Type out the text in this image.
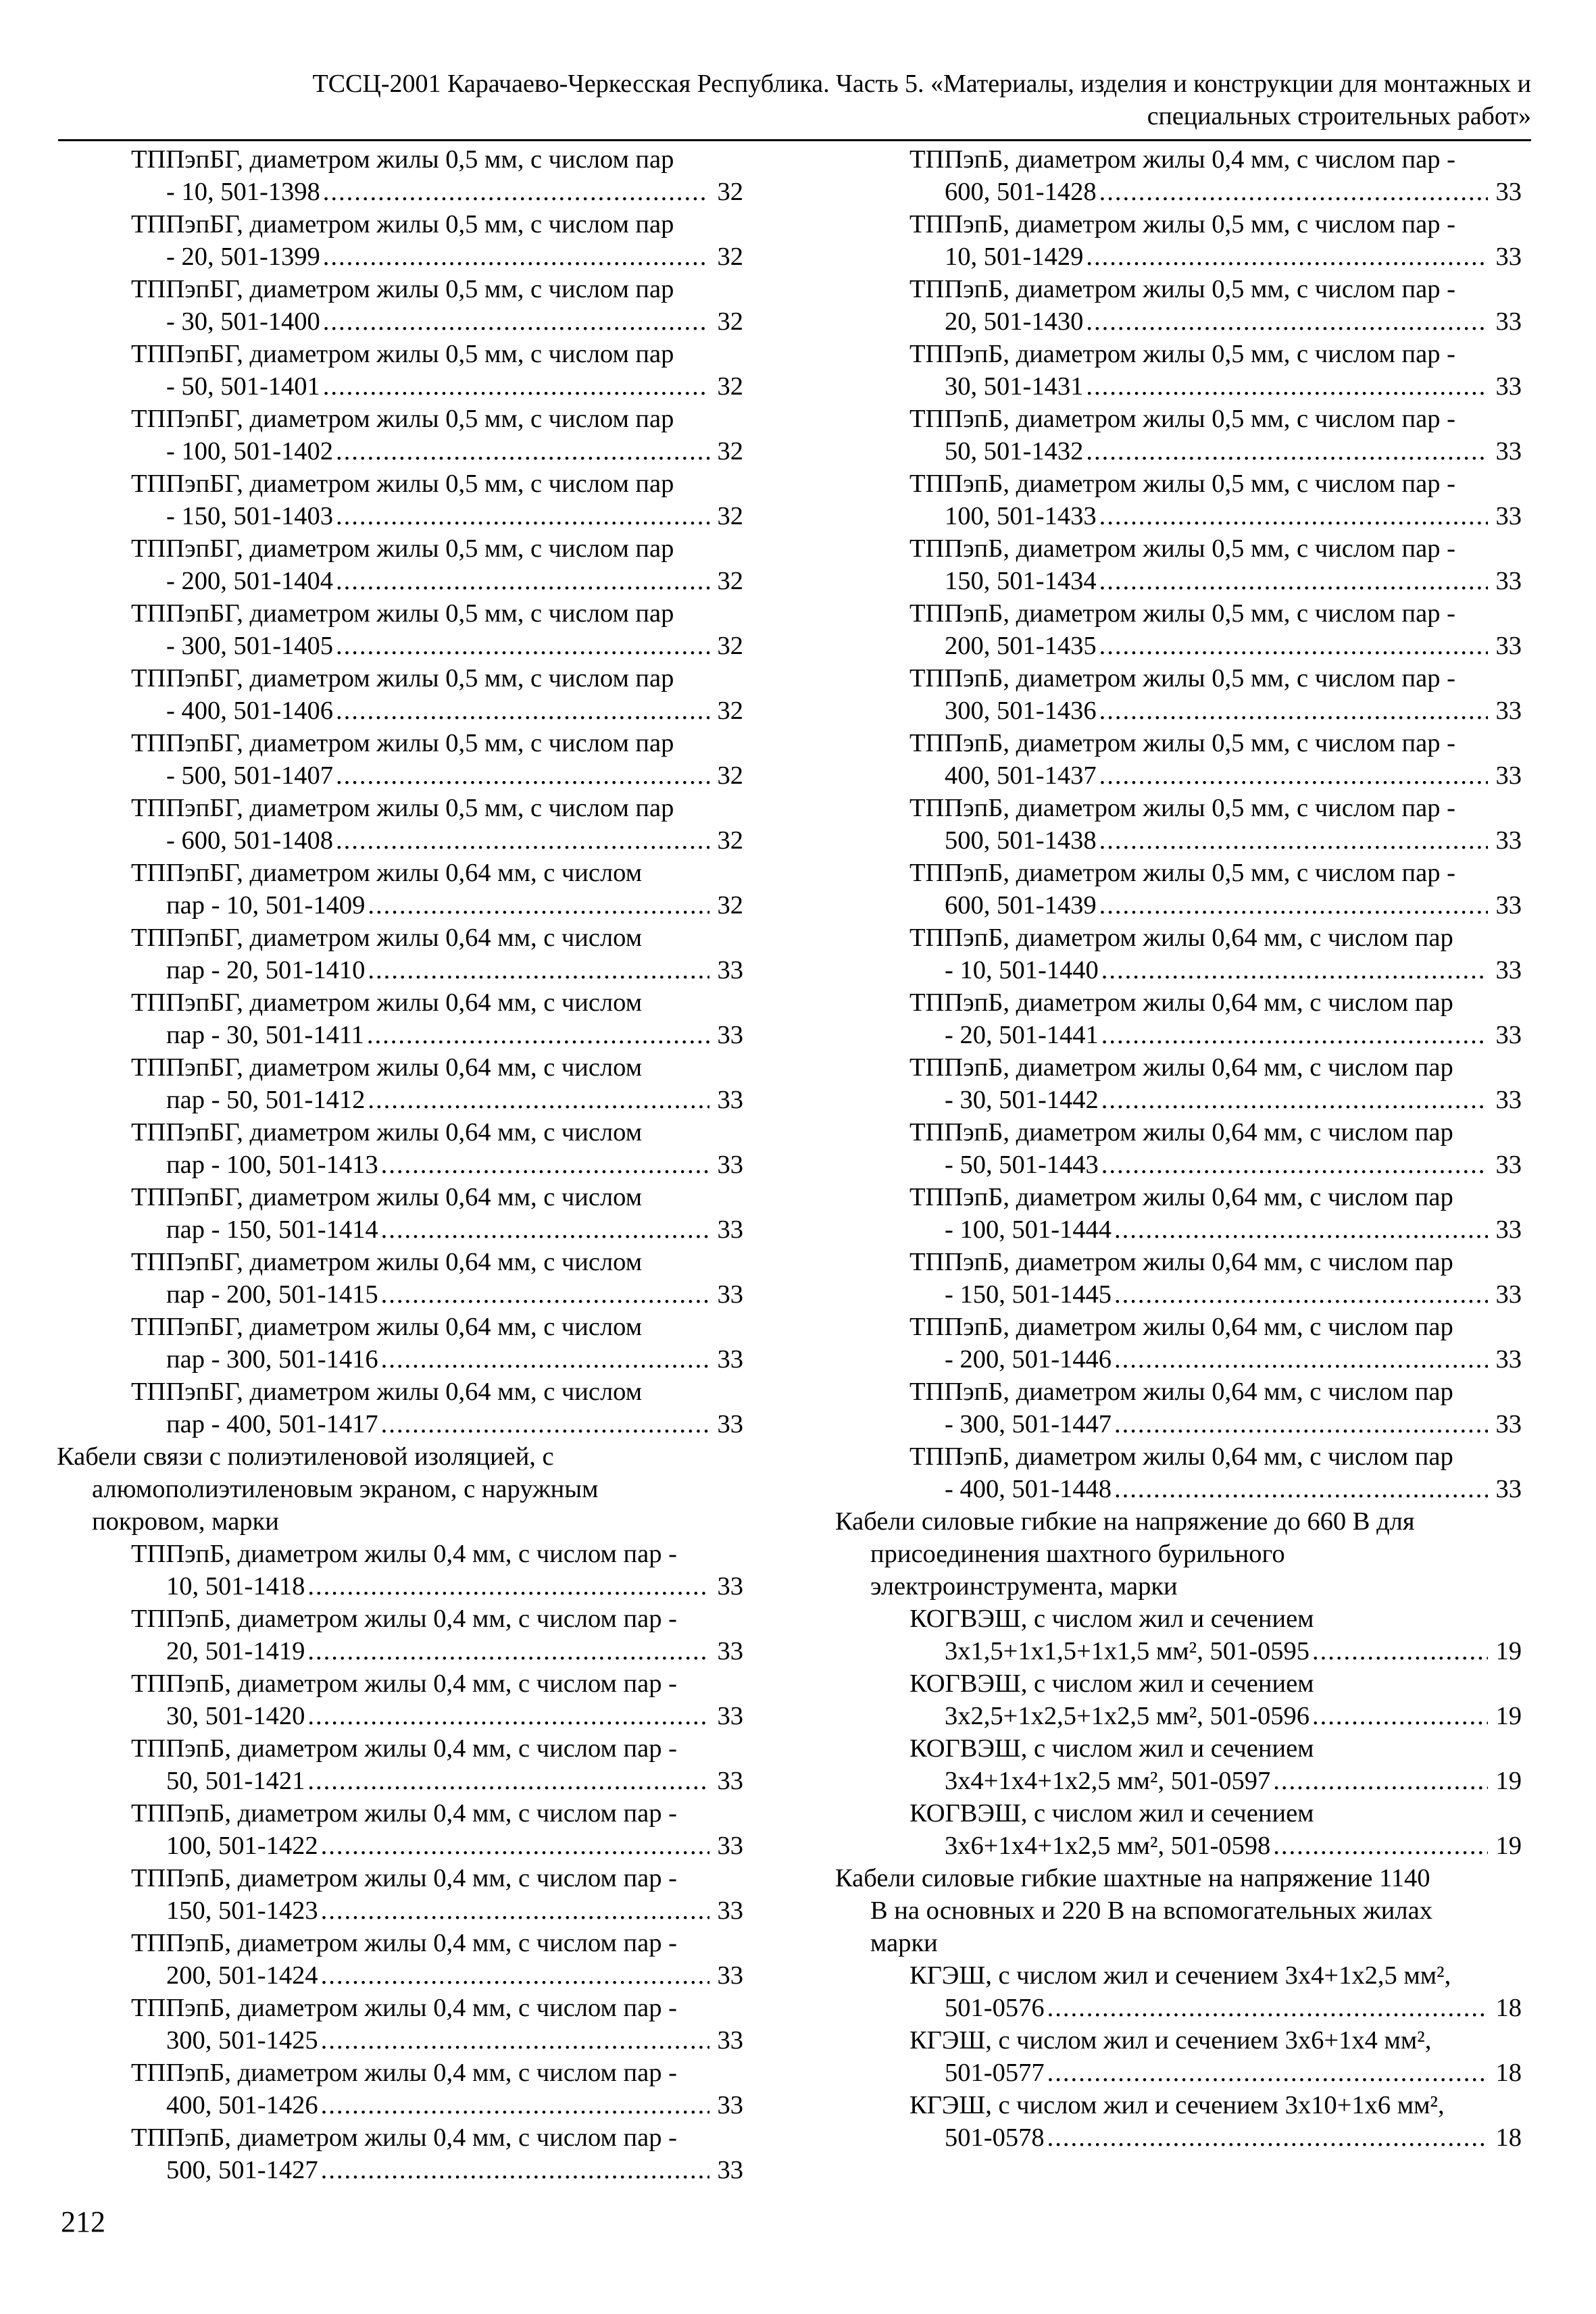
ТССЦ-2001 Карачаево-Черкесская Республика. Часть 5. «Материалы, изделия и конструкции для монтажных и
специальных строительных работ»
ТППэпБГ, диаметром жилы 0,5 мм, с числом пар
- 10, 501-1398 .....	32
ТППэпБГ, диаметром жилы 0,5 мм, с числом пар
- 20, 501-1399 .....	32
ТППэпБГ, диаметром жилы 0,5 мм, с числом пар
- 30, 501-1400 .....	32
ТППэпБГ, диаметром жилы 0,5 мм, с числом пар
- 50, 501-1401 .....	32
ТППэпБГ, диаметром жилы 0,5 мм, с числом пар
- 100, 501-1402 .....	32
ТППэпБГ, диаметром жилы 0,5 мм, с числом пар
- 150, 501-1403 .....	32
ТППэпБГ, диаметром жилы 0,5 мм, с числом пар
- 200, 501-1404 .....	32
ТППэпБГ, диаметром жилы 0,5 мм, с числом пар
- 300, 501-1405 .....	32
ТППэпБГ, диаметром жилы 0,5 мм, с числом пар
- 400, 501-1406 .....	32
ТППэпБГ, диаметром жилы 0,5 мм, с числом пар
- 500, 501-1407 .....	32
ТППэпБГ, диаметром жилы 0,5 мм, с числом пар
- 600, 501-1408 .....	32
ТППэпБГ, диаметром жилы 0,64 мм, с числом
пар - 10, 501-1409 .....	32
ТППэпБГ, диаметром жилы 0,64 мм, с числом
пар - 20, 501-1410 .....	33
ТППэпБГ, диаметром жилы 0,64 мм, с числом
пар - 30, 501-1411 .....	33
ТППэпБГ, диаметром жилы 0,64 мм, с числом
пар - 50, 501-1412 .....	33
ТППэпБГ, диаметром жилы 0,64 мм, с числом
пар - 100, 501-1413 .....	33
ТППэпБГ, диаметром жилы 0,64 мм, с числом
пар - 150, 501-1414 .....	33
ТППэпБГ, диаметром жилы 0,64 мм, с числом
пар - 200, 501-1415 .....	33
ТППэпБГ, диаметром жилы 0,64 мм, с числом
пар - 300, 501-1416 .....	33
ТППэпБГ, диаметром жилы 0,64 мм, с числом
пар - 400, 501-1417 .....	33
Кабели связи с полиэтиленовой изоляцией, с
алюмополиэтиленовым экраном, с наружным
покровом, марки
ТППэпБ, диаметром жилы 0,4 мм, с числом пар -
10, 501-1418 .....	33
ТППэпБ, диаметром жилы 0,4 мм, с числом пар -
20, 501-1419 .....	33
ТППэпБ, диаметром жилы 0,4 мм, с числом пар -
30, 501-1420 .....	33
ТППэпБ, диаметром жилы 0,4 мм, с числом пар -
50, 501-1421 .....	33
ТППэпБ, диаметром жилы 0,4 мм, с числом пар -
100, 501-1422 .....	33
ТППэпБ, диаметром жилы 0,4 мм, с числом пар -
150, 501-1423 .....	33
ТППэпБ, диаметром жилы 0,4 мм, с числом пар -
200, 501-1424 .....	33
ТППэпБ, диаметром жилы 0,4 мм, с числом пар -
300, 501-1425 .....	33
ТППэпБ, диаметром жилы 0,4 мм, с числом пар -
400, 501-1426 .....	33
ТППэпБ, диаметром жилы 0,4 мм, с числом пар -
500, 501-1427 .....	33
ТППэпБ, диаметром жилы 0,4 мм, с числом пар -
600, 501-1428 .....	33
ТППэпБ, диаметром жилы 0,5 мм, с числом пар -
10, 501-1429 .....	33
ТППэпБ, диаметром жилы 0,5 мм, с числом пар -
20, 501-1430 .....	33
ТППэпБ, диаметром жилы 0,5 мм, с числом пар -
30, 501-1431 .....	33
ТППэпБ, диаметром жилы 0,5 мм, с числом пар -
50, 501-1432 .....	33
ТППэпБ, диаметром жилы 0,5 мм, с числом пар -
100, 501-1433 .....	33
ТППэпБ, диаметром жилы 0,5 мм, с числом пар -
150, 501-1434 .....	33
ТППэпБ, диаметром жилы 0,5 мм, с числом пар -
200, 501-1435 .....	33
ТППэпБ, диаметром жилы 0,5 мм, с числом пар -
300, 501-1436 .....	33
ТППэпБ, диаметром жилы 0,5 мм, с числом пар -
400, 501-1437 .....	33
ТППэпБ, диаметром жилы 0,5 мм, с числом пар -
500, 501-1438 .....	33
ТППэпБ, диаметром жилы 0,5 мм, с числом пар -
600, 501-1439 .....	33
ТППэпБ, диаметром жилы 0,64 мм, с числом пар
- 10, 501-1440 .....	33
ТППэпБ, диаметром жилы 0,64 мм, с числом пар
- 20, 501-1441 .....	33
ТППэпБ, диаметром жилы 0,64 мм, с числом пар
- 30, 501-1442 .....	33
ТППэпБ, диаметром жилы 0,64 мм, с числом пар
- 50, 501-1443 .....	33
ТППэпБ, диаметром жилы 0,64 мм, с числом пар
- 100, 501-1444 .....	33
ТППэпБ, диаметром жилы 0,64 мм, с числом пар
- 150, 501-1445 .....	33
ТППэпБ, диаметром жилы 0,64 мм, с числом пар
- 200, 501-1446 .....	33
ТППэпБ, диаметром жилы 0,64 мм, с числом пар
- 300, 501-1447 .....	33
ТППэпБ, диаметром жилы 0,64 мм, с числом пар
- 400, 501-1448 .....	33
Кабели силовые гибкие на напряжение до 660 В для
присоединения шахтного бурильного
электроинструмента, марки
КОГВЭШ, с числом жил и сечением
3х1,5+1х1,5+1х1,5 мм², 501-0595 .....	19
КОГВЭШ, с числом жил и сечением
3х2,5+1х2,5+1х2,5 мм², 501-0596 .....	19
КОГВЭШ, с числом жил и сечением
3х4+1х4+1х2,5 мм², 501-0597 .....	19
КОГВЭШ, с числом жил и сечением
3х6+1х4+1х2,5 мм², 501-0598 .....	19
Кабели силовые гибкие шахтные на напряжение 1140
В на основных и 220 В на вспомогательных жилах
марки
КГЭШ, с числом жил и сечением 3х4+1х2,5 мм²,
501-0576 .....	18
КГЭШ, с числом жил и сечением 3х6+1х4 мм²,
501-0577 .....	18
КГЭШ, с числом жил и сечением 3х10+1х6 мм²,
501-0578 .....	18
212
